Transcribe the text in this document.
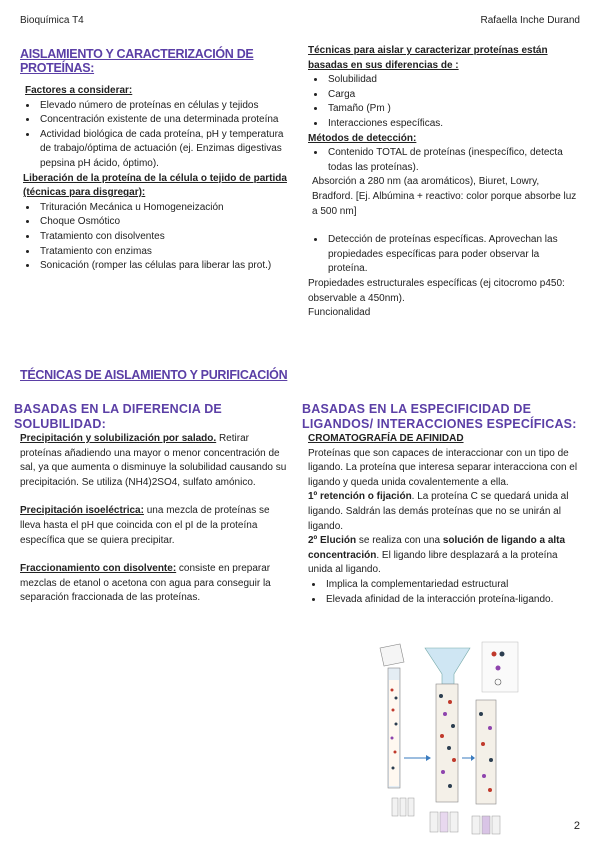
Bioquímica T4	Rafaella Inche Durand
AISLAMIENTO Y CARACTERIZACIÓN DE PROTEÍNAS:
Factores a considerar:
• Elevado número de proteínas en células y tejidos
• Concentración existente de una determinada proteína
• Actividad biológica de cada proteína, pH y temperatura de trabajo/óptima de actuación (ej. Enzimas digestivas pepsina pH ácido, óptimo).
Liberación de la proteína de la célula o tejido de partida (técnicas para disgregar):
• Trituración Mecánica u Homogeneización
• Choque Osmótico
• Tratamiento con disolventes
• Tratamiento con enzimas
• Sonicación (romper las células para liberar las prot.)
Técnicas para aislar y caracterizar proteínas están basadas en sus diferencias de :
• Solubilidad
• Carga
• Tamaño (Pm )
• Interacciones específicas.
Métodos de detección:
• Contenido TOTAL de proteínas (inespecífico, detecta todas las proteínas).

Absorción a 280 nm (aa aromáticos), Biuret, Lowry, Bradford. [Ej. Albúmina + reactivo: color porque absorbe luz a 500 nm]

• Detección de proteínas específicas. Aprovechan las propiedades específicas para poder observar la proteína.

Propiedades estructurales específicas (ej citocromo p450: observable a 450nm).

Funcionalidad

TÉCNICAS DE AISLAMIENTO Y PURIFICACIÓN
BASADAS EN LA DIFERENCIA DE SOLUBILIDAD:

Precipitación y solubilización por salado. Retirar proteínas añadiendo una mayor o menor concentración de sal, ya que aumenta o disminuye la solubilidad causando su precipitación. Se utiliza (NH4)2SO4, sulfato amónico.

Precipitación isoeléctrica: una mezcla de proteínas se lleva hasta el pH que coincida con el pI de la proteína específica que se quiera precipitar.

Fraccionamiento con disolvente: consiste en preparar mezclas de etanol o acetona con agua para conseguir la separación fraccionada de las proteínas.

BASADAS EN LA ESPECIFICIDAD DE LIGANDOS/ INTERACCIONES ESPECÍFICAS:
CROMATOGRAFÍA DE AFINIDAD

Proteínas que son capaces de interaccionar con un tipo de ligando. La proteína que interesa separar interacciona con el ligando y queda unida covalentemente a ella.

1º retención o fijación. La proteína C se quedará unida al ligando. Saldrán las demás proteínas que no se unirán al ligando.

2º Elución se realiza con una solución de ligando a alta concentración. El ligando libre desplazará a la proteína unida al ligando.

• Implica la complementariedad estructural
• Elevada afinidad de la interacción proteína-ligando.
2
